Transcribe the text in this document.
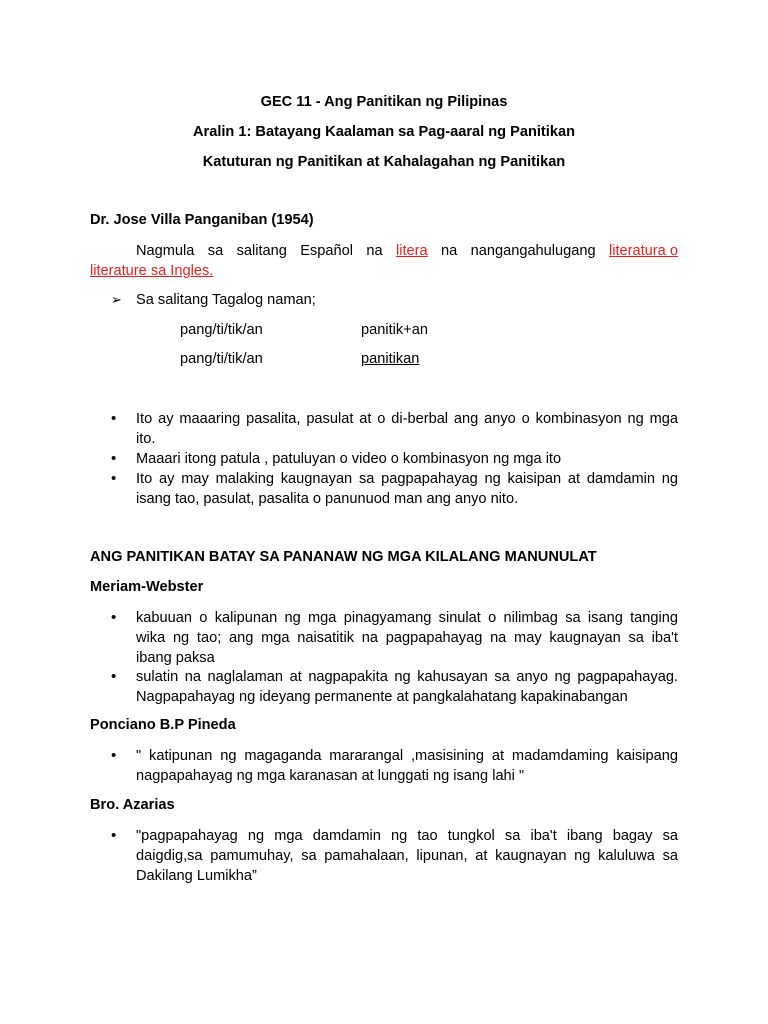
GEC 11 - Ang Panitikan ng Pilipinas
Aralin 1: Batayang Kaalaman sa Pag-aaral ng Panitikan
Katuturan ng Panitikan at Kahalagahan ng Panitikan
Dr. Jose Villa Panganiban (1954)
Nagmula sa salitang Español na litera na nangangahulugang literatura o
literature sa Ingles.
➢ Sa salitang Tagalog naman;
pang/ti/tik/an	panitik+an
pang/ti/tik/an	panitikan
•	Ito ay maaaring pasalita, pasulat at o di-berbal ang anyo o kombinasyon ng mga
ito.
•	Maaari itong patula , patuluyan o video o kombinasyon ng mga ito
•	Ito ay may malaking kaugnayan sa pagpapahayag ng kaisipan at damdamin ng
isang tao, pasulat, pasalita o panunuod man ang anyo nito.
ANG PANITIKAN BATAY SA PANANAW NG MGA KILALANG MANUNULAT
Meriam-Webster
•	kabuuan o kalipunan ng mga pinagyamang sinulat o nilimbag sa isang tanging
wika ng tao; ang mga naisatitik na pagpapahayag na may kaugnayan sa iba't
ibang paksa
•	sulatin na naglalaman at nagpapakita ng kahusayan sa anyo ng pagpapahayag.
Nagpapahayag ng ideyang permanente at pangkalahatang kapakinabangan
Ponciano B.P Pineda
•	" katipunan ng magaganda mararangal ,masisining at madamdaming kaisipang
nagpapahayag ng mga karanasan at lunggati ng isang lahi "
Bro. Azarias
•	"pagpapahayag ng mga damdamin ng tao tungkol sa iba't ibang bagay sa
daigdig,sa pamumuhay, sa pamahalaan, lipunan, at kaugnayan ng kaluluwa sa
Dakilang Lumikha”
